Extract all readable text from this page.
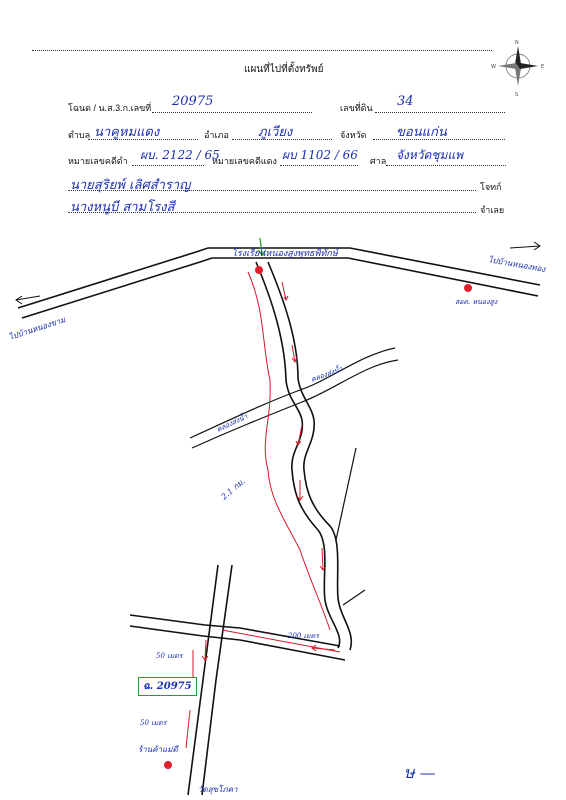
แผนที่ไปที่ตั้งทรัพย์
N
S
W	E
โฉนด / น.ส.3.ก.เลขที่ 20975	เลขที่ดิน 34
ตำบล นาคูหมแดง	อำเภอ ภูเวียง	จังหวัด ขอนแก่น
หมายเลขคดีดำ ผบ. 2122 / 65
หมายเลขคดีแดง ผบ 1102 / 66 ศาล จังหวัดชุมแพ
นายสุริยพ์ เลิศสำราญ	โจทก์
นางหนูบี สามโรงสี	จำเลย
ไปบ้านหนองขาม
ไปบ้านหนองทอง
โรงเรียนหนองสูงพุทธพิทักษ์
สอต. หนองสูง
คลองส่งน้ำ
คลองส่งน้ำ
2.1 กม.
200 เมตร
50 เมตร
50 เมตร
ร้านค้าแม่ดี
วัดสุขโภคา
ษ —
ฉ. 20975
